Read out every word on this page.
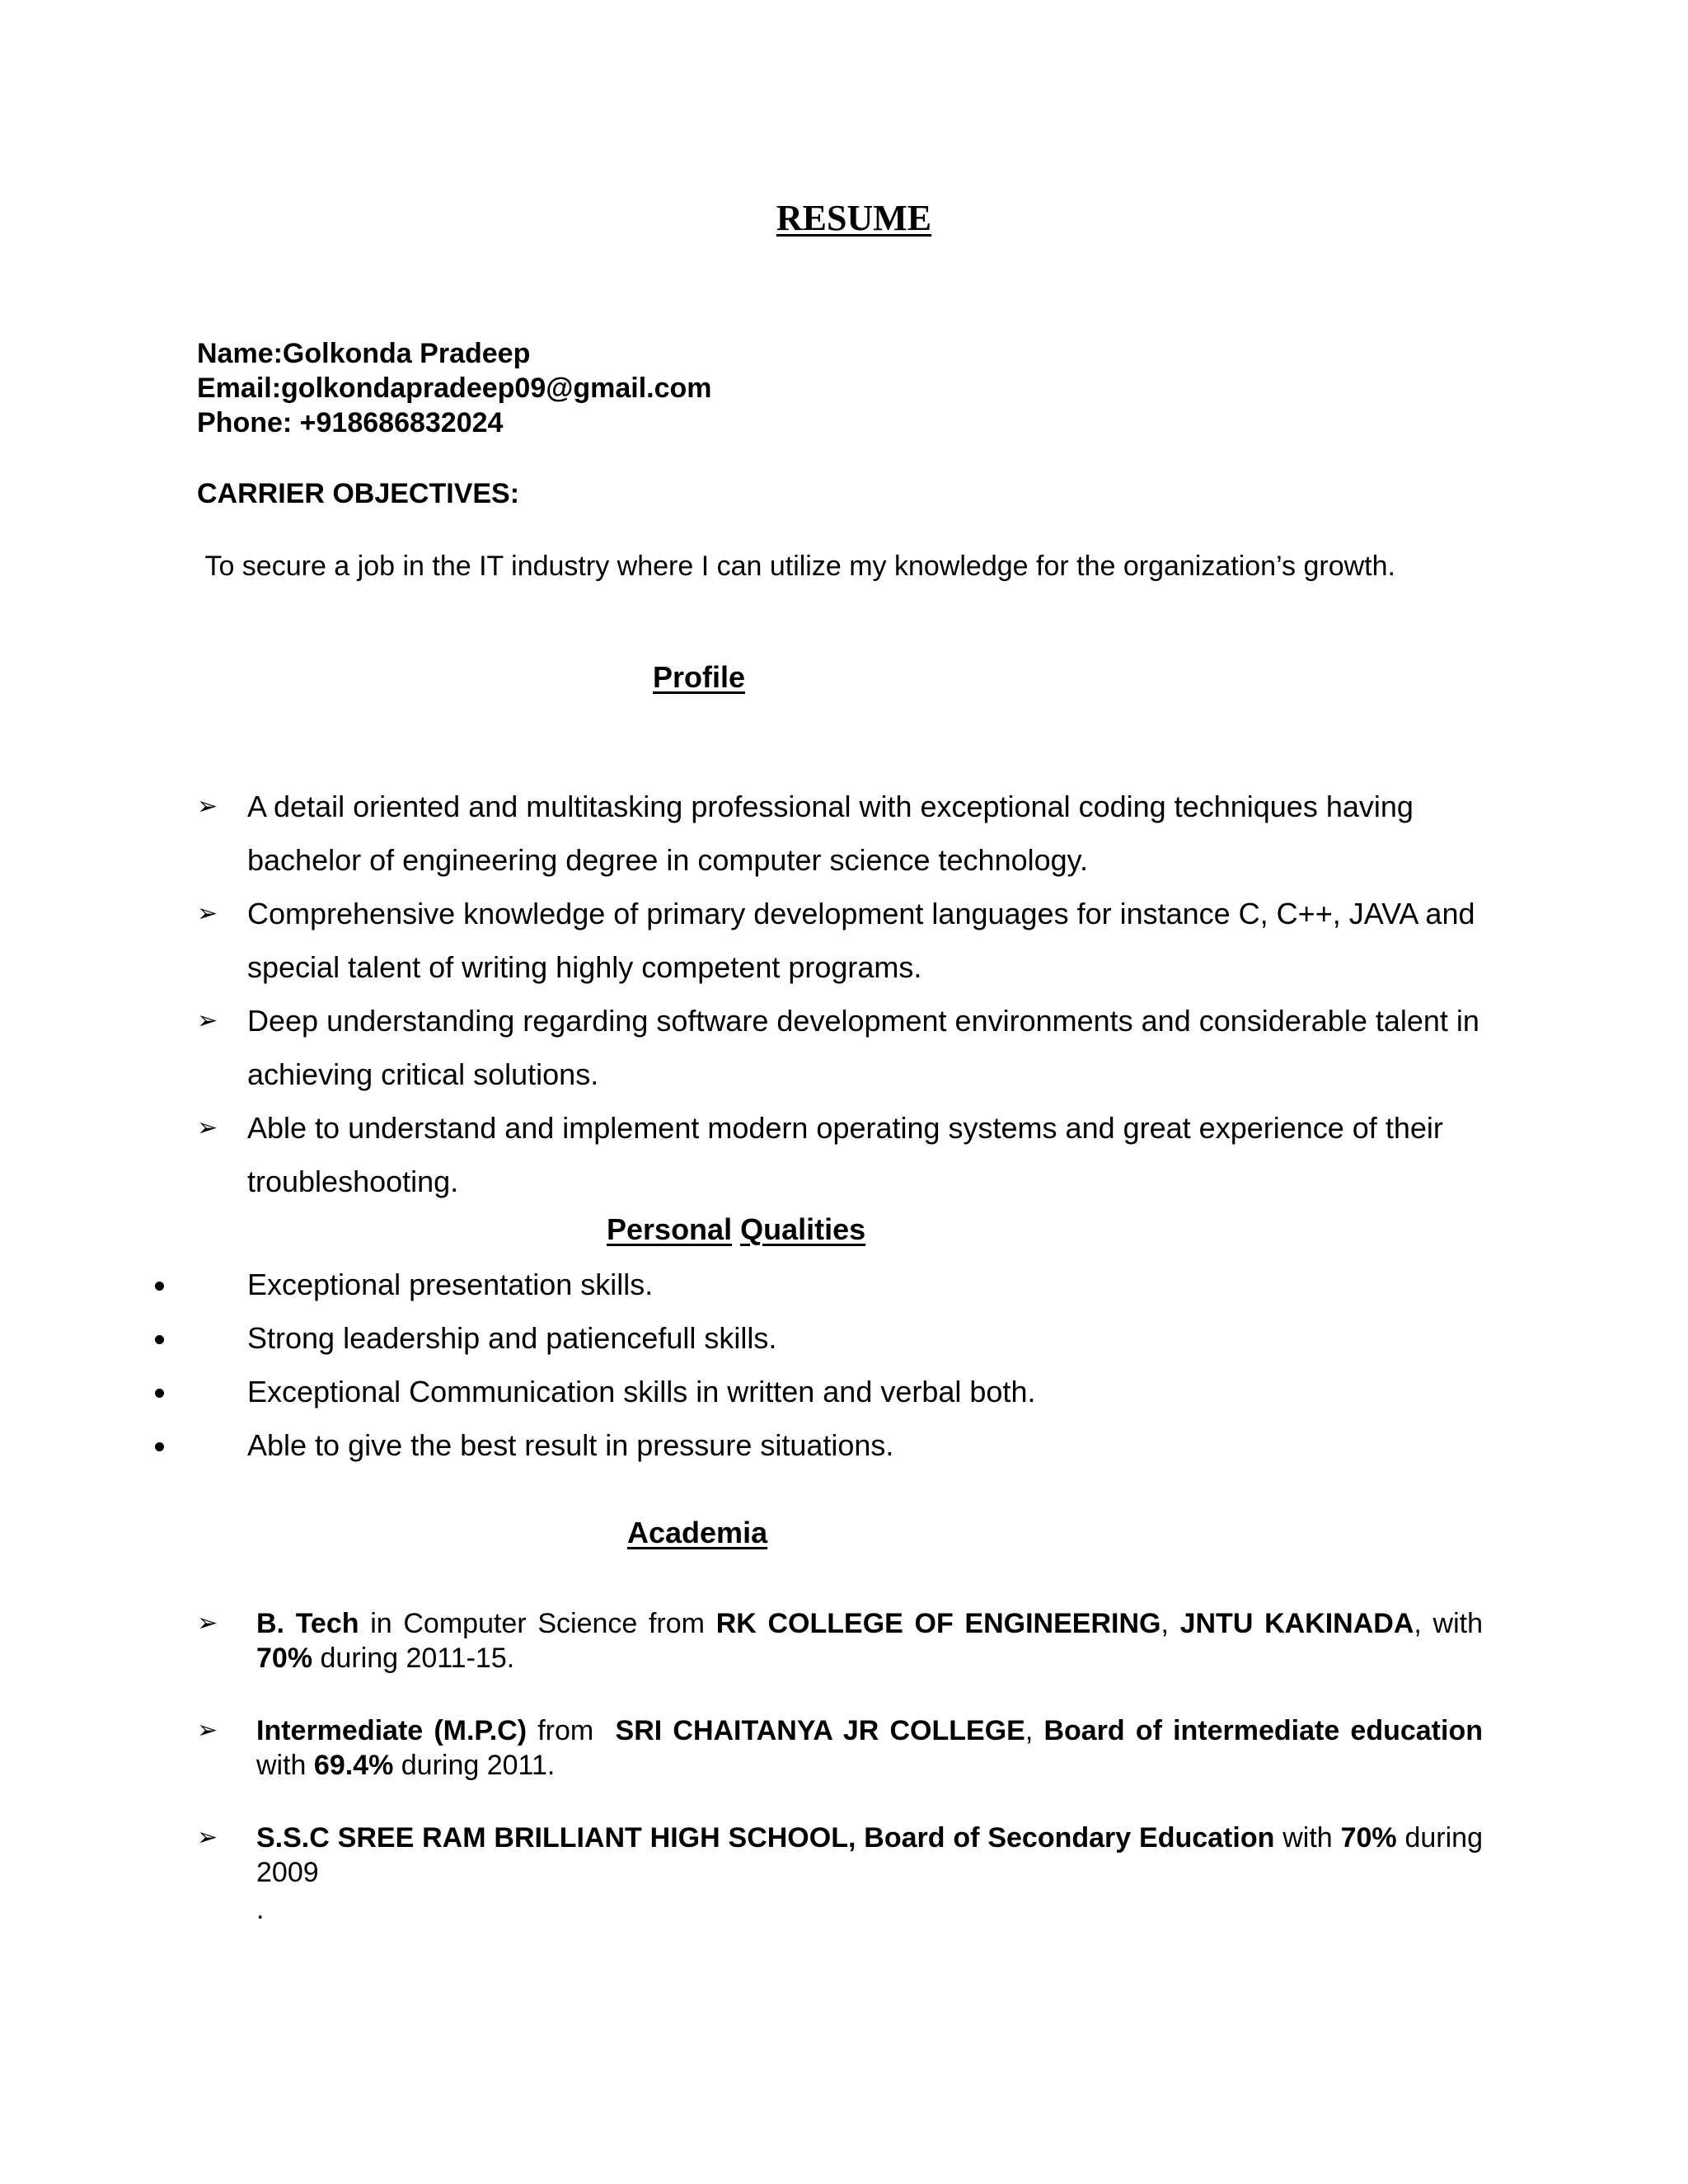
RESUME
Name:Golkonda Pradeep
Email:golkondapradeep09@gmail.com
Phone: +918686832024
CARRIER OBJECTIVES:
To secure a job in the IT industry where I can utilize my knowledge for the organization’s growth.
Profile
➢ A detail oriented and multitasking professional with exceptional coding techniques having bachelor of engineering degree in computer science technology.
➢ Comprehensive knowledge of primary development languages for instance C, C++, JAVA and special talent of writing highly competent programs.
➢ Deep understanding regarding software development environments and considerable talent in achieving critical solutions.
➢ Able to understand and implement modern operating systems and great experience of their troubleshooting.
Personal Qualities
Exceptional presentation skills.
Strong leadership and patiencefull skills.
Exceptional Communication skills in written and verbal both.
Able to give the best result in pressure situations.
Academia
➢	B. Tech in Computer Science from RK COLLEGE OF ENGINEERING, JNTU KAKINADA, with 70% during 2011-15.
➢	Intermediate (M.P.C) from  SRI CHAITANYA JR COLLEGE, Board of intermediate education with 69.4% during 2011.
➢	S.S.C SREE RAM BRILLIANT HIGH SCHOOL, Board of Secondary Education with 70% during 2009
.
